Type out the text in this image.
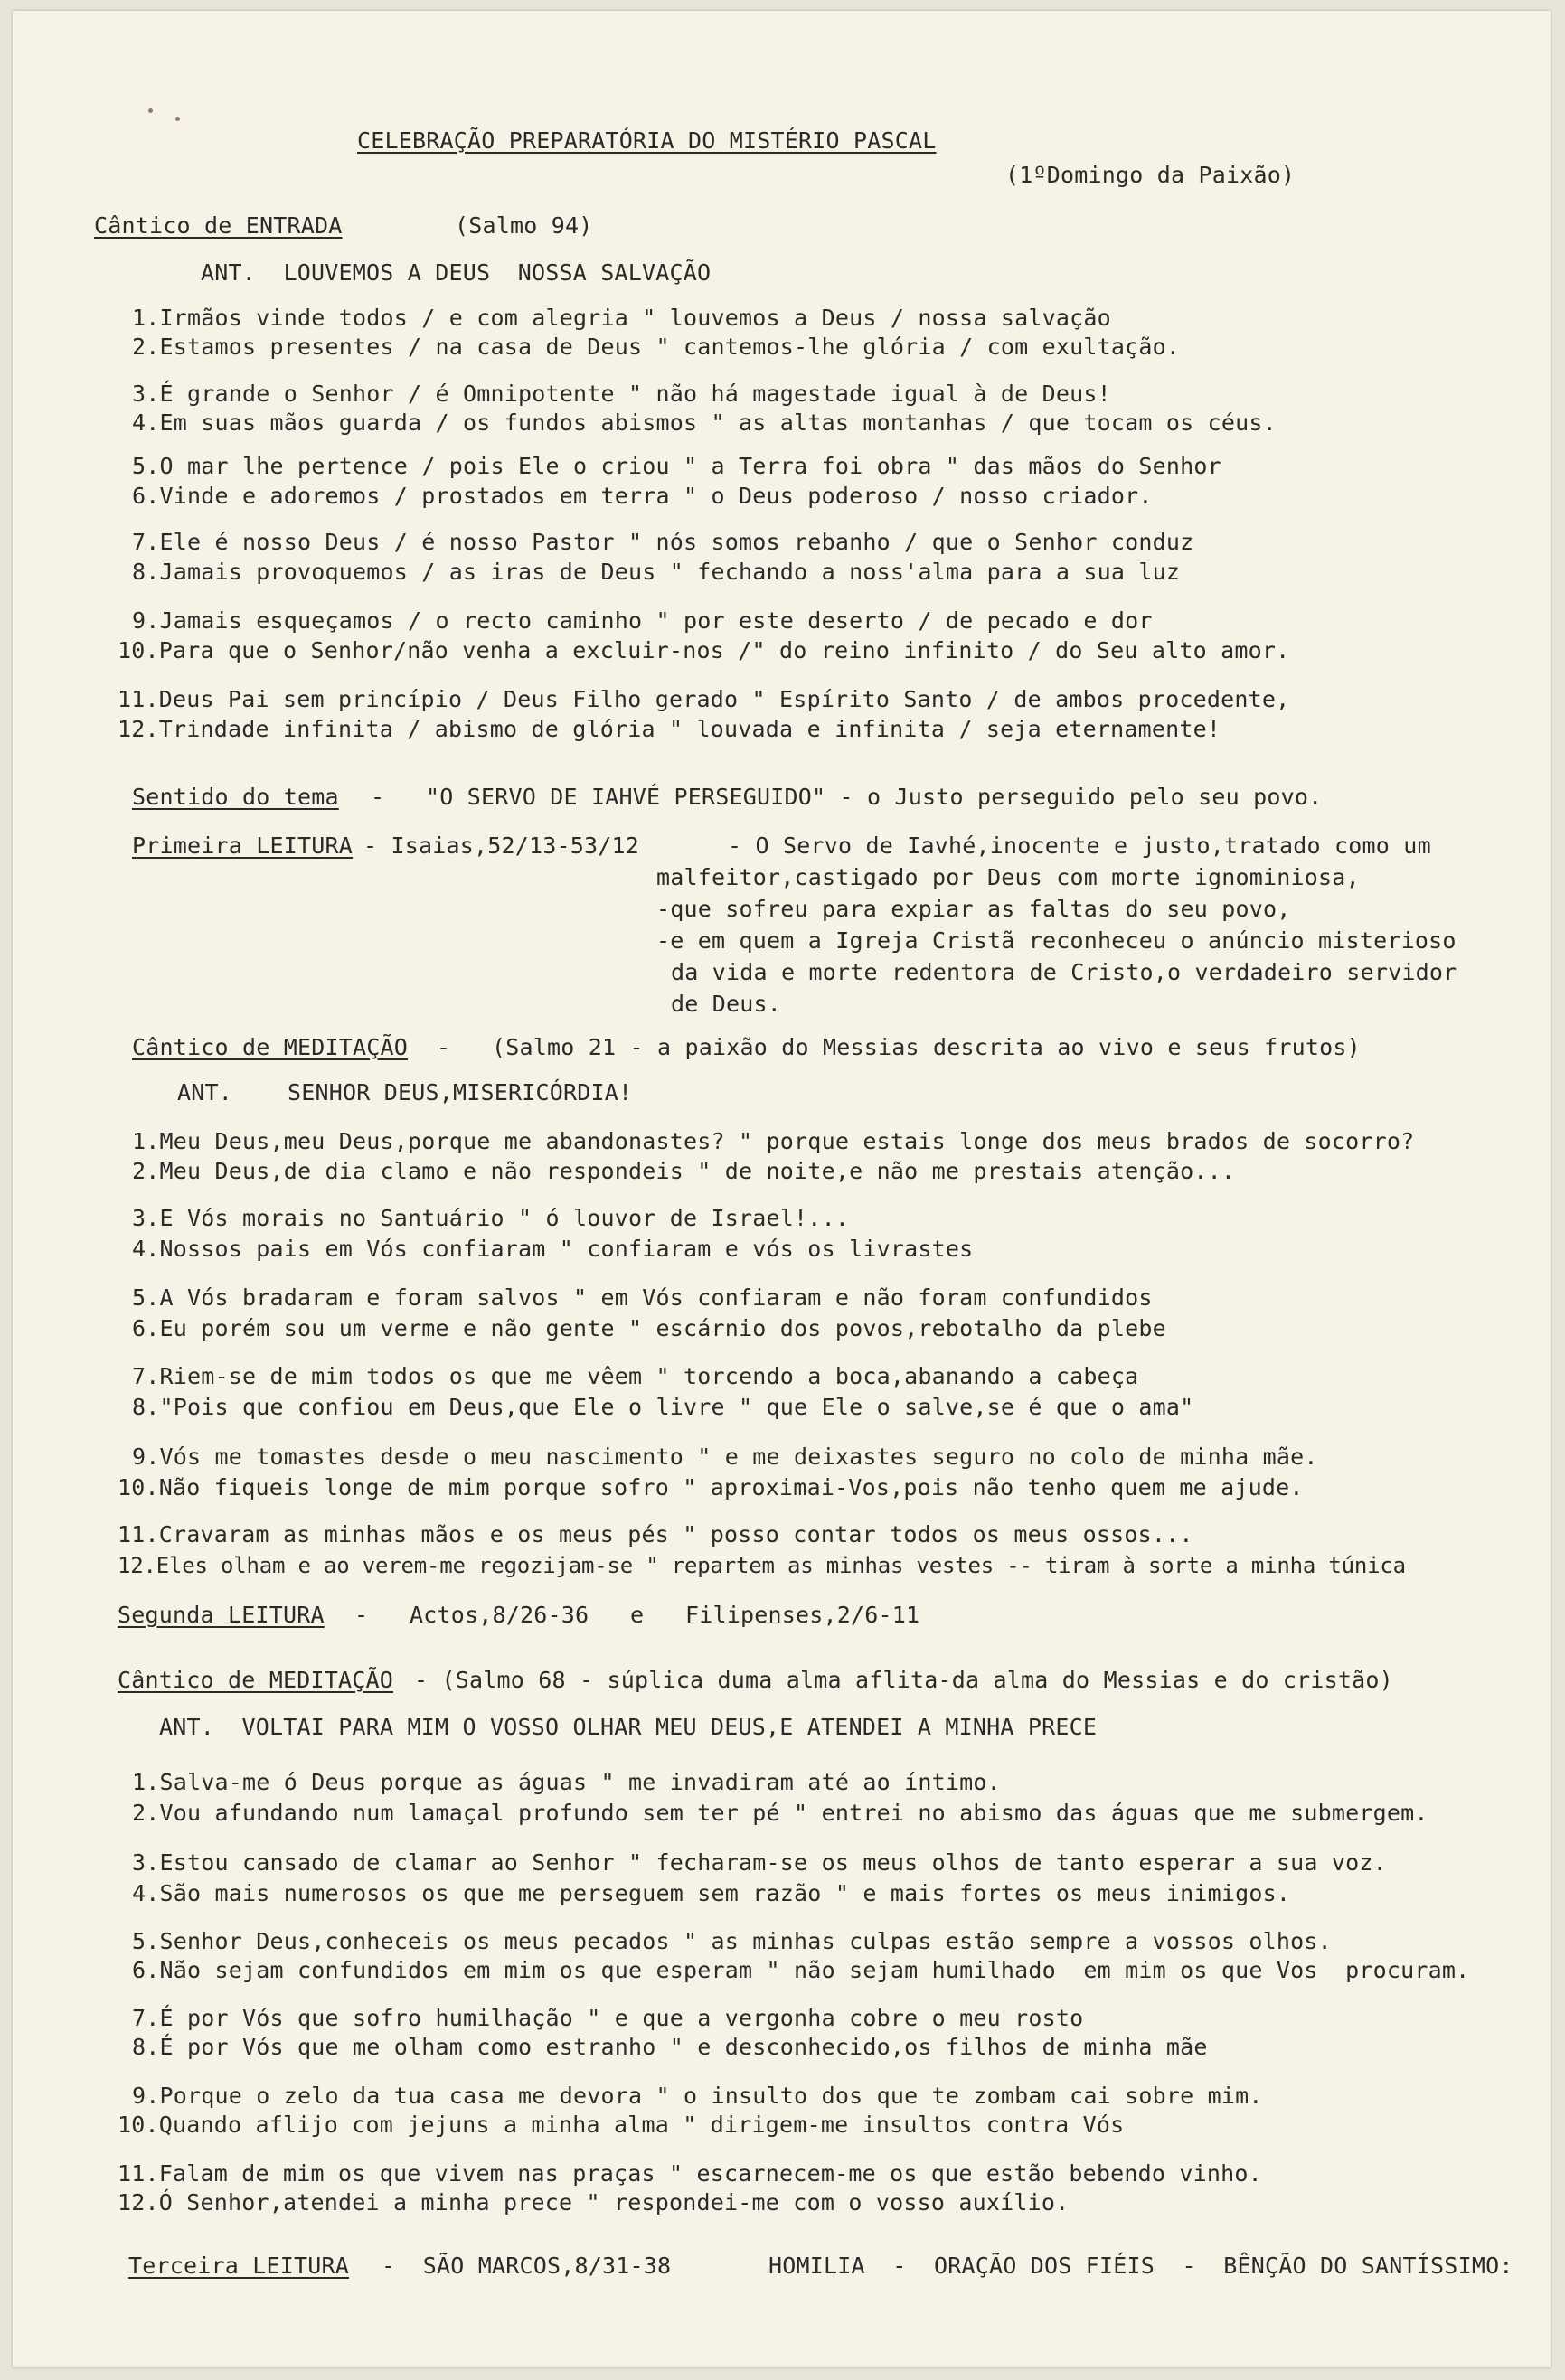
CELEBRAÇÃO PREPARATÓRIA DO MISTÉRIO PASCAL
(1ºDomingo da Paixão)
Cântico de ENTRADA	(Salmo 94)
ANT.  LOUVEMOS A DEUS  NOSSA SALVAÇÃO
1.Irmãos vinde todos / e com alegria " louvemos a Deus / nossa salvação
2.Estamos presentes / na casa de Deus " cantemos-lhe glória / com exultação.
3.É grande o Senhor / é Omnipotente " não há magestade igual à de Deus!
4.Em suas mãos guarda / os fundos abismos " as altas montanhas / que tocam os céus.
5.O mar lhe pertence / pois Ele o criou " a Terra foi obra " das mãos do Senhor
6.Vinde e adoremos / prostados em terra " o Deus poderoso / nosso criador.
7.Ele é nosso Deus / é nosso Pastor " nós somos rebanho / que o Senhor conduz
8.Jamais provoquemos / as iras de Deus " fechando a noss'alma para a sua luz
9.Jamais esqueçamos / o recto caminho " por este deserto / de pecado e dor
10.Para que o Senhor/não venha a excluir-nos /" do reino infinito / do Seu alto amor.
11.Deus Pai sem princípio / Deus Filho gerado " Espírito Santo / de ambos procedente,
12.Trindade infinita / abismo de glória " louvada e infinita / seja eternamente!
Sentido do tema -   "O SERVO DE IAHVÉ PERSEGUIDO" - o Justo perseguido pelo seu povo.
Primeira LEITURA - Isaias,52/13-53/12	- O Servo de Iavhé,inocente e justo,tratado como um
malfeitor,castigado por Deus com morte ignominiosa,
-que sofreu para expiar as faltas do seu povo,
-e em quem a Igreja Cristã reconheceu o anúncio misterioso
da vida e morte redentora de Cristo,o verdadeiro servidor
de Deus.
Cântico de MEDITAÇÃO -   (Salmo 21 - a paixão do Messias descrita ao vivo e seus frutos)
ANT.    SENHOR DEUS,MISERICÓRDIA!
1.Meu Deus,meu Deus,porque me abandonastes? " porque estais longe dos meus brados de socorro?
2.Meu Deus,de dia clamo e não respondeis " de noite,e não me prestais atenção...
3.E Vós morais no Santuário " ó louvor de Israel!...
4.Nossos pais em Vós confiaram " confiaram e vós os livrastes
5.A Vós bradaram e foram salvos " em Vós confiaram e não foram confundidos
6.Eu porém sou um verme e não gente " escárnio dos povos,rebotalho da plebe
7.Riem-se de mim todos os que me vêem " torcendo a boca,abanando a cabeça
8."Pois que confiou em Deus,que Ele o livre " que Ele o salve,se é que o ama"
9.Vós me tomastes desde o meu nascimento " e me deixastes seguro no colo de minha mãe.
10.Não fiqueis longe de mim porque sofro " aproximai-Vos,pois não tenho quem me ajude.
11.Cravaram as minhas mãos e os meus pés " posso contar todos os meus ossos...
12.Eles olham e ao verem-me regozijam-se " repartem as minhas vestes -- tiram à sorte a minha túnica
Segunda LEITURA -   Actos,8/26-36   e   Filipenses,2/6-11
Cântico de MEDITAÇÃO - (Salmo 68 - súplica duma alma aflita-da alma do Messias e do cristão)
ANT.  VOLTAI PARA MIM O VOSSO OLHAR MEU DEUS,E ATENDEI A MINHA PRECE
1.Salva-me ó Deus porque as águas " me invadiram até ao íntimo.
2.Vou afundando num lamaçal profundo sem ter pé " entrei no abismo das águas que me submergem.
3.Estou cansado de clamar ao Senhor " fecharam-se os meus olhos de tanto esperar a sua voz.
4.São mais numerosos os que me perseguem sem razão " e mais fortes os meus inimigos.
5.Senhor Deus,conheceis os meus pecados " as minhas culpas estão sempre a vossos olhos.
6.Não sejam confundidos em mim os que esperam " não sejam humilhado  em mim os que Vos  procuram.
7.É por Vós que sofro humilhação " e que a vergonha cobre o meu rosto
8.É por Vós que me olham como estranho " e desconhecido,os filhos de minha mãe
9.Porque o zelo da tua casa me devora " o insulto dos que te zombam cai sobre mim.
10.Quando aflijo com jejuns a minha alma " dirigem-me insultos contra Vós
11.Falam de mim os que vivem nas praças " escarnecem-me os que estão bebendo vinho.
12.Ó Senhor,atendei a minha prece " respondei-me com o vosso auxílio.
Terceira LEITURA -  SÃO MARCOS,8/31-38	HOMILIA  -  ORAÇÃO DOS FIÉIS  -  BÊNÇÃO DO SANTÍSSIMO:
